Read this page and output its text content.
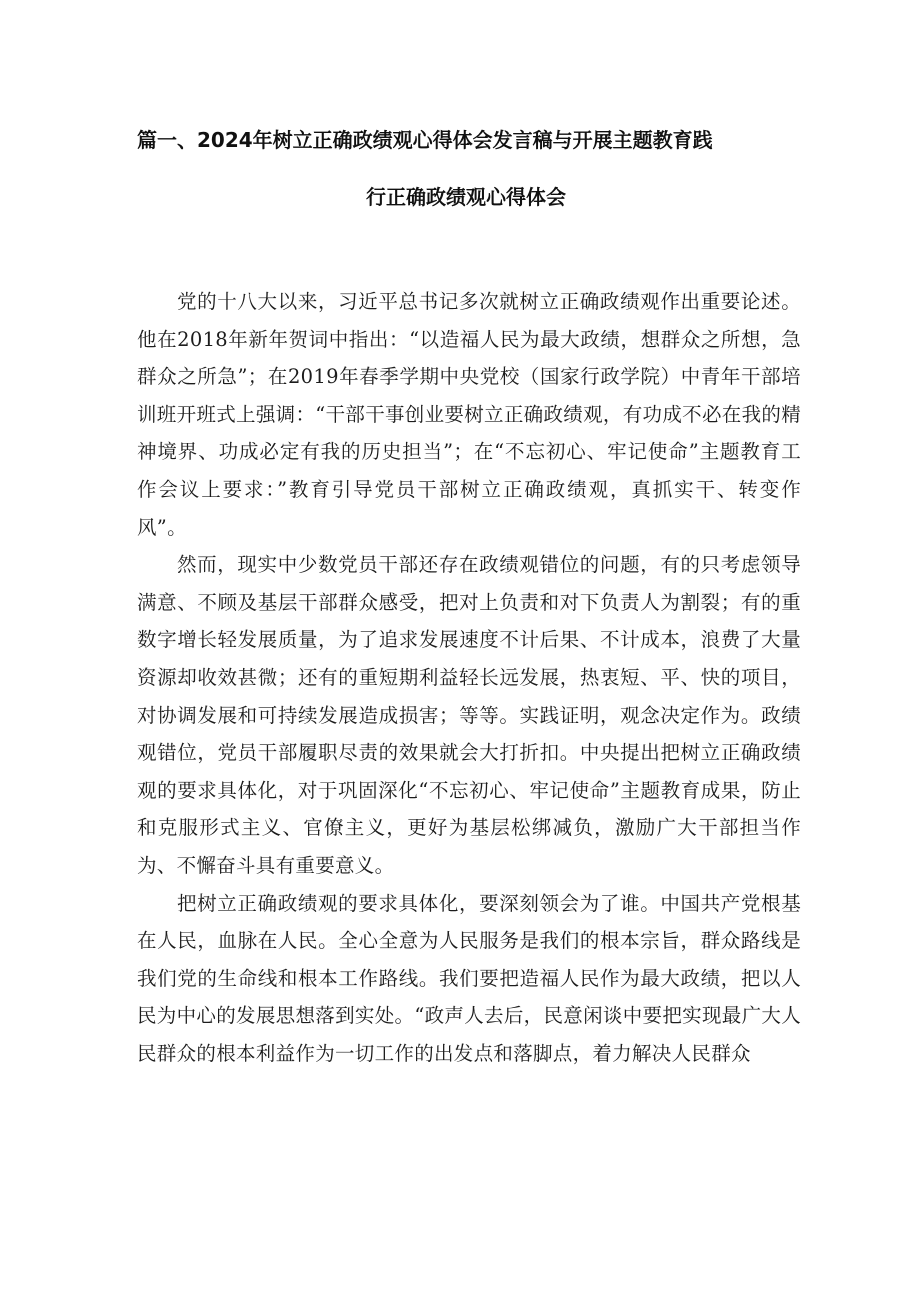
篇一、2024年树立正确政绩观心得体会发言稿与开展主题教育践
行正确政绩观心得体会

党的十八大以来，习近平总书记多次就树立正确政绩观作出重要论述。他在2018年新年贺词中指出：“以造福人民为最大政绩，想群众之所想，急群众之所急”；在2019年春季学期中央党校（国家行政学院）中青年干部培训班开班式上强调：“干部干事创业要树立正确政绩观，有功成不必在我的精神境界、功成必定有我的历史担当”；在“不忘初心、牢记使命”主题教育工作会议上要求：”教育引导党员干部树立正确政绩观，真抓实干、转变作风”。

然而，现实中少数党员干部还存在政绩观错位的问题，有的只考虑领导满意、不顾及基层干部群众感受，把对上负责和对下负责人为割裂；有的重数字增长轻发展质量，为了追求发展速度不计后果、不计成本，浪费了大量资源却收效甚微；还有的重短期利益轻长远发展，热衷短、平、快的项目，对协调发展和可持续发展造成损害；等等。实践证明，观念决定作为。政绩观错位，党员干部履职尽责的效果就会大打折扣。中央提出把树立正确政绩观的要求具体化，对于巩固深化“不忘初心、牢记使命”主题教育成果，防止和克服形式主义、官僚主义，更好为基层松绑减负，激励广大干部担当作为、不懈奋斗具有重要意义。

把树立正确政绩观的要求具体化，要深刻领会为了谁。中国共产党根基在人民，血脉在人民。全心全意为人民服务是我们的根本宗旨，群众路线是我们党的生命线和根本工作路线。我们要把造福人民作为最大政绩，把以人民为中心的发展思想落到实处。“政声人去后，民意闲谈中要把实现最广大人民群众的根本利益作为一切工作的出发点和落脚点，着力解决人民群众
